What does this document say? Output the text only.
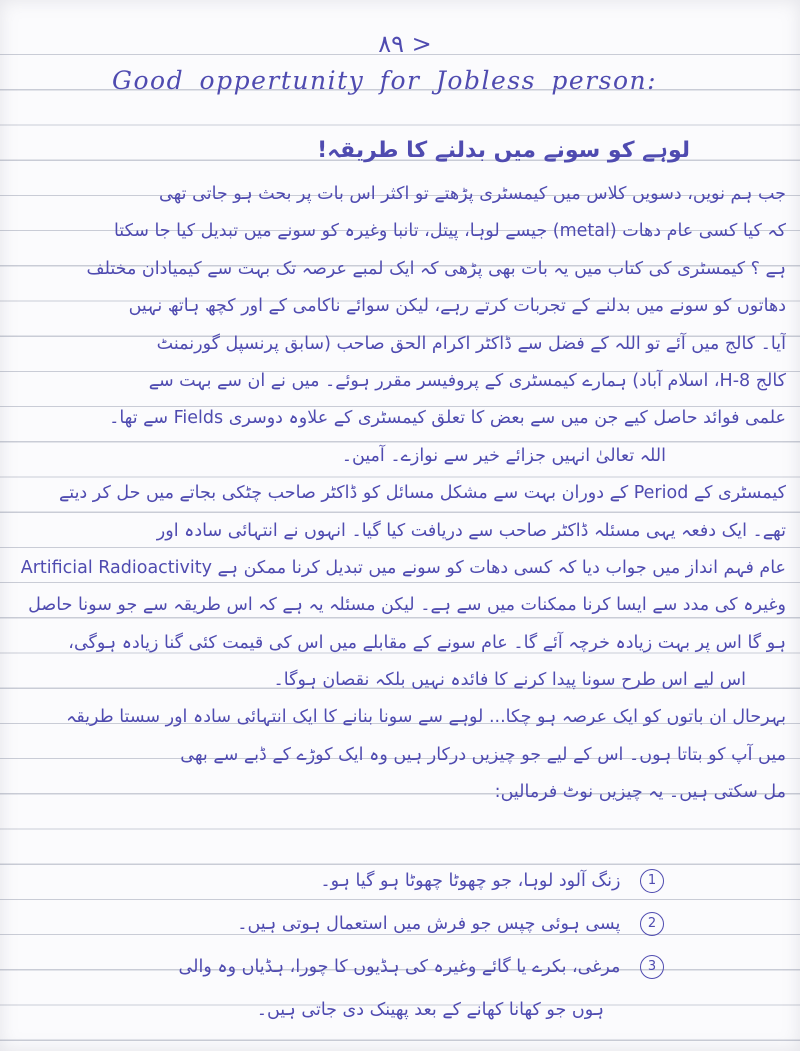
۸۹ >
Good oppertunity for Jobless person:
لوہے کو سونے میں بدلنے کا طریقہ!
جب ہم نویں، دسویں کلاس میں کیمسٹری پڑھتے تو اکثر اس بات پر بحث ہو جاتی تھی
کہ کیا کسی عام دھات (metal) جیسے لوہا، پیتل، تانبا وغیرہ کو سونے میں تبدیل کیا جا سکتا
ہے ؟ کیمسٹری کی کتاب میں یہ بات بھی پڑھی کہ ایک لمبے عرصہ تک بہت سے کیمیادان مختلف
دھاتوں کو سونے میں بدلنے کے تجربات کرتے رہے، لیکن سوائے ناکامی کے اور کچھ ہاتھ نہیں
آیا۔ کالج میں آئے تو اللہ کے فضل سے ڈاکٹر اکرام الحق صاحب (سابق پرنسپل گورنمنٹ
کالج H-8، اسلام آباد) ہمارے کیمسٹری کے پروفیسر مقرر ہوئے۔ میں نے ان سے بہت سے
علمی فوائد حاصل کیے جن میں سے بعض کا تعلق کیمسٹری کے علاوہ دوسری Fields سے تھا۔
اللہ تعالیٰ انہیں جزائے خیر سے نوازے۔ آمین۔
کیمسٹری کے Period کے دوران بہت سے مشکل مسائل کو ڈاکٹر صاحب چٹکی بجاتے میں حل کر دیتے
تھے۔ ایک دفعہ یہی مسئلہ ڈاکٹر صاحب سے دریافت کیا گیا۔ انہوں نے انتہائی سادہ اور
عام فہم انداز میں جواب دیا کہ کسی دھات کو سونے میں تبدیل کرنا ممکن ہے Artificial Radioactivity
وغیرہ کی مدد سے ایسا کرنا ممکنات میں سے ہے۔ لیکن مسئلہ یہ ہے کہ اس طریقہ سے جو سونا حاصل
ہو گا اس پر بہت زیادہ خرچہ آئے گا۔ عام سونے کے مقابلے میں اس کی قیمت کئی گنا زیادہ ہوگی،
اس لیے اس طرح سونا پیدا کرنے کا فائدہ نہیں بلکہ نقصان ہوگا۔
بہرحال ان باتوں کو ایک عرصہ ہو چکا... لوہے سے سونا بنانے کا ایک انتہائی سادہ اور سستا طریقہ
میں آپ کو بتاتا ہوں۔ اس کے لیے جو چیزیں درکار ہیں وہ ایک کوڑے کے ڈبے سے بھی
مل سکتی ہیں۔ یہ چیزیں نوٹ فرمالیں:
1 زنگ آلود لوہا، جو چھوٹا چھوٹا ہو گیا ہو۔
2 پسی ہوئی چپس جو فرش میں استعمال ہوتی ہیں۔
3 مرغی، بکرے یا گائے وغیرہ کی ہڈیوں کا چورا، ہڈیاں وہ والی
ہوں جو کھانا کھانے کے بعد پھینک دی جاتی ہیں۔
